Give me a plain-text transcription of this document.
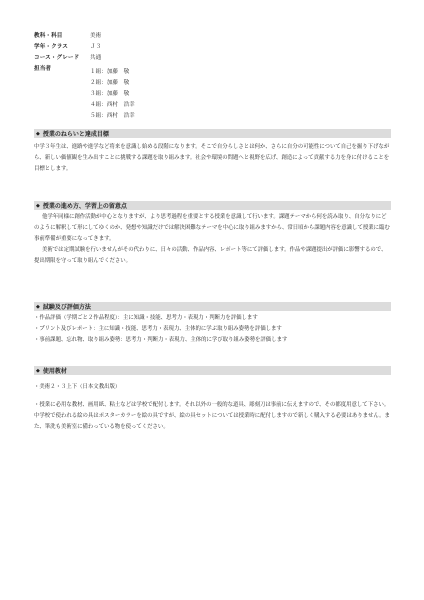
教科・科目	美術
学年・クラス	Ｊ３
コース・グレード	共通
担当者	１組：加藤　敬
２組：加藤　敬
３組：加藤　敬
４組：西村　浩幸
５組：西村　浩幸
◆ 授業のねらいと達成目標
中学３年生は、進路や進学など将来を意識し始める段階になります。そこで自分らしさとは何か、さらに自分の可能性について自己を掘り下げながら、新しい価値観を生み出すことに挑戦する課題を取り組みます。社会や環境の問題へと視野を広げ、創造によって貢献する力を身に付けることを目標とします。
◆ 授業の進め方、学習上の留意点
他学年同様に創作活動が中心となりますが、より思考過程を重要とする授業を意識して行います。課題テーマから何を読み取り、自分なりにどのように解釈して形にしてゆくのか、発想や知識だけでは解決困難なテーマを中心に取り組みますから、常日頃から課題内容を意識して授業に臨む事前準備が重要になってきます。
美術では定期試験を行いませんがその代わりに、日々の活動、作品内容、レポート等にて評価します。作品や課題提出が評価に影響するので、提出期限を守って取り組んでください。
◆ 試験及び評価方法
・作品評価（学期ごと２作品程度）：主に知識・技能、思考力・表現力・判断力を評価します
・プリント及びレポート：主に知識・技能、思考力・表現力、主体的に学ぶ取り組み姿勢を評価します
・事前課題、忘れ物、取り組み姿勢：思考力・判断力・表現力、主体的に学び取り組み姿勢を評価します
◆ 使用教材
・美術２・３上下（日本文教出版）
・授業に必用な教材、画用紙、粘土などは学校で配付します。それ以外の一般的な道具、彫刻刀は事前に伝えますので、その都度用意して下さい。中学校で使われる絵の具はポスターカラーを絵の具ですが、絵の具セットについては授業時に配付しますので新しく購入する必要はありません。また、筆洗も美術室に備わっている物を使ってください。
